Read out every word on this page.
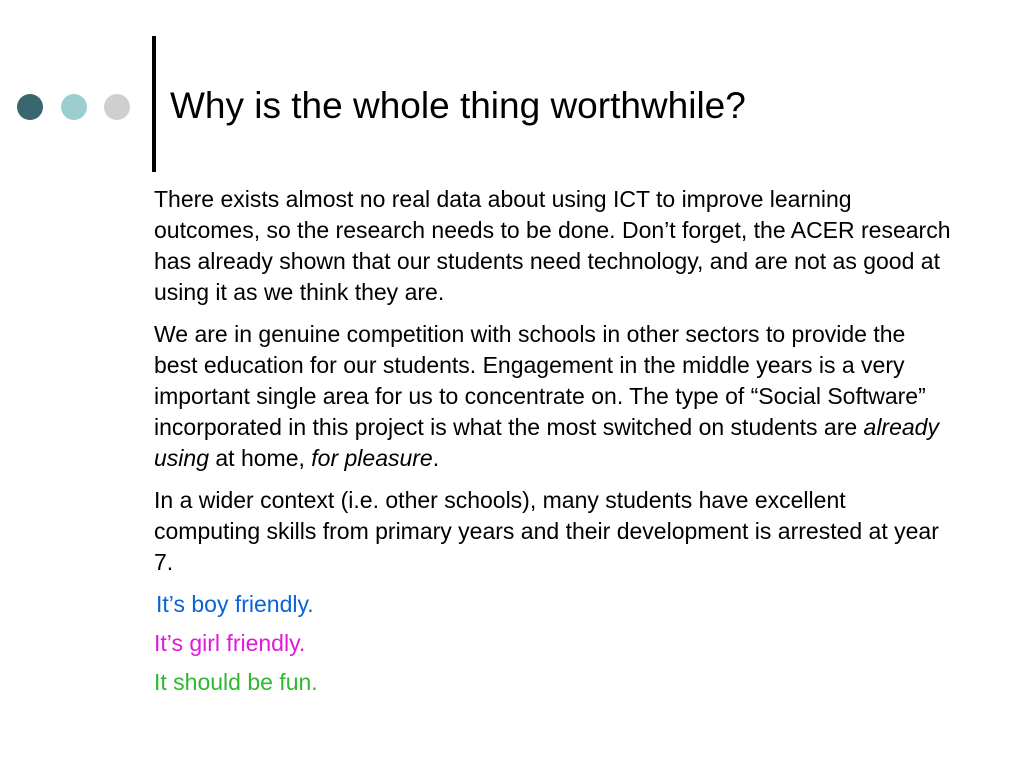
Why is the whole thing worthwhile?

There exists almost no real data about using ICT to improve learning outcomes, so the research needs to be done. Don’t forget, the ACER research has already shown that our students need technology, and are not as good at using it as we think they are.

We are in genuine competition with schools in other sectors to provide the best education for our students. Engagement in the middle years is a very important single area for us to concentrate on. The type of “Social Software” incorporated in this project is what the most switched on students are already using at home, for pleasure.

In a wider context (i.e. other schools), many students have excellent computing skills from primary years and their development is arrested at year 7.

It’s boy friendly.

It’s girl friendly.

It should be fun.
